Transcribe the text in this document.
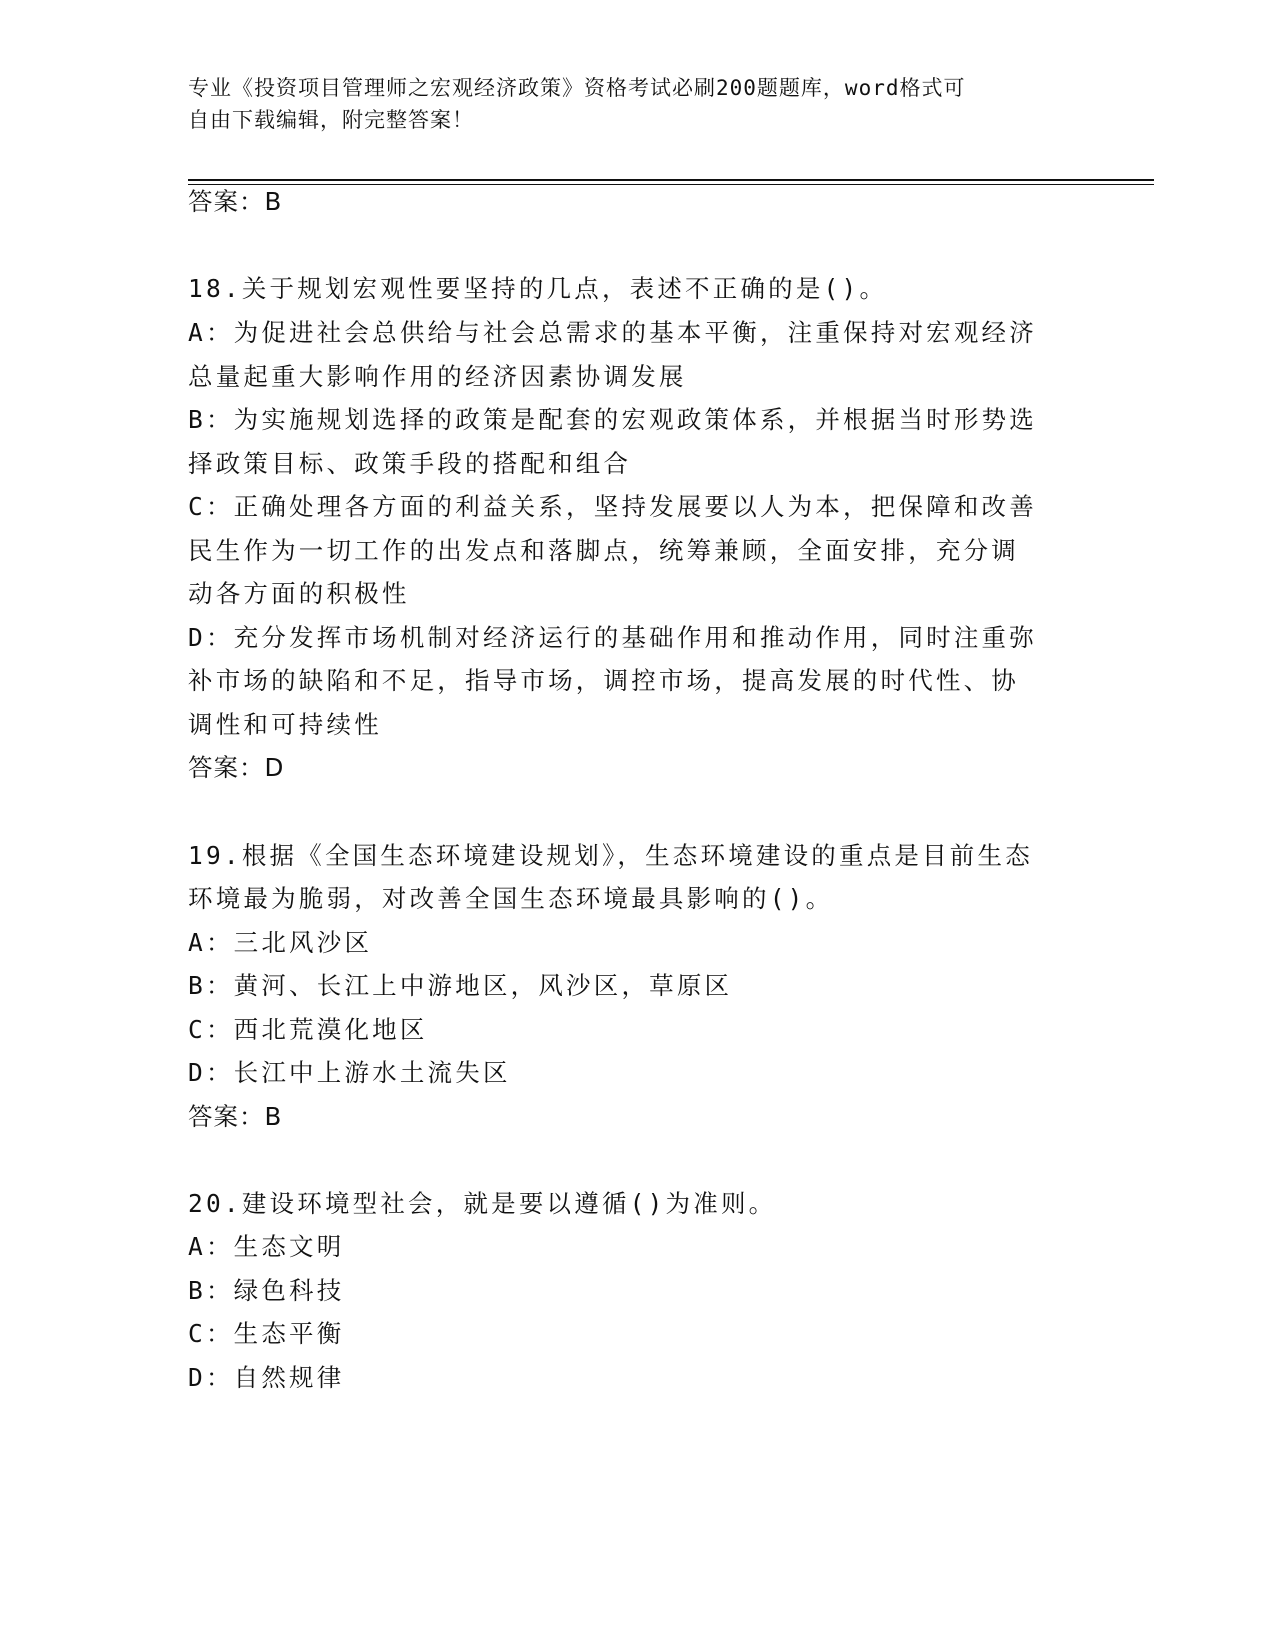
专业《投资项目管理师之宏观经济政策》资格考试必刷200题题库，word格式可
自由下载编辑，附完整答案！
答案：B
18.关于规划宏观性要坚持的几点，表述不正确的是()。
A：为促进社会总供给与社会总需求的基本平衡，注重保持对宏观经济
总量起重大影响作用的经济因素协调发展
B：为实施规划选择的政策是配套的宏观政策体系，并根据当时形势选
择政策目标、政策手段的搭配和组合
C：正确处理各方面的利益关系，坚持发展要以人为本，把保障和改善
民生作为一切工作的出发点和落脚点，统筹兼顾，全面安排，充分调
动各方面的积极性
D：充分发挥市场机制对经济运行的基础作用和推动作用，同时注重弥
补市场的缺陷和不足，指导市场，调控市场，提高发展的时代性、协
调性和可持续性
答案：D
19.根据《全国生态环境建设规划》，生态环境建设的重点是目前生态
环境最为脆弱，对改善全国生态环境最具影响的()。
A：三北风沙区
B：黄河、长江上中游地区，风沙区，草原区
C：西北荒漠化地区
D：长江中上游水土流失区
答案：B
20.建设环境型社会，就是要以遵循()为准则。
A：生态文明
B：绿色科技
C：生态平衡
D：自然规律
